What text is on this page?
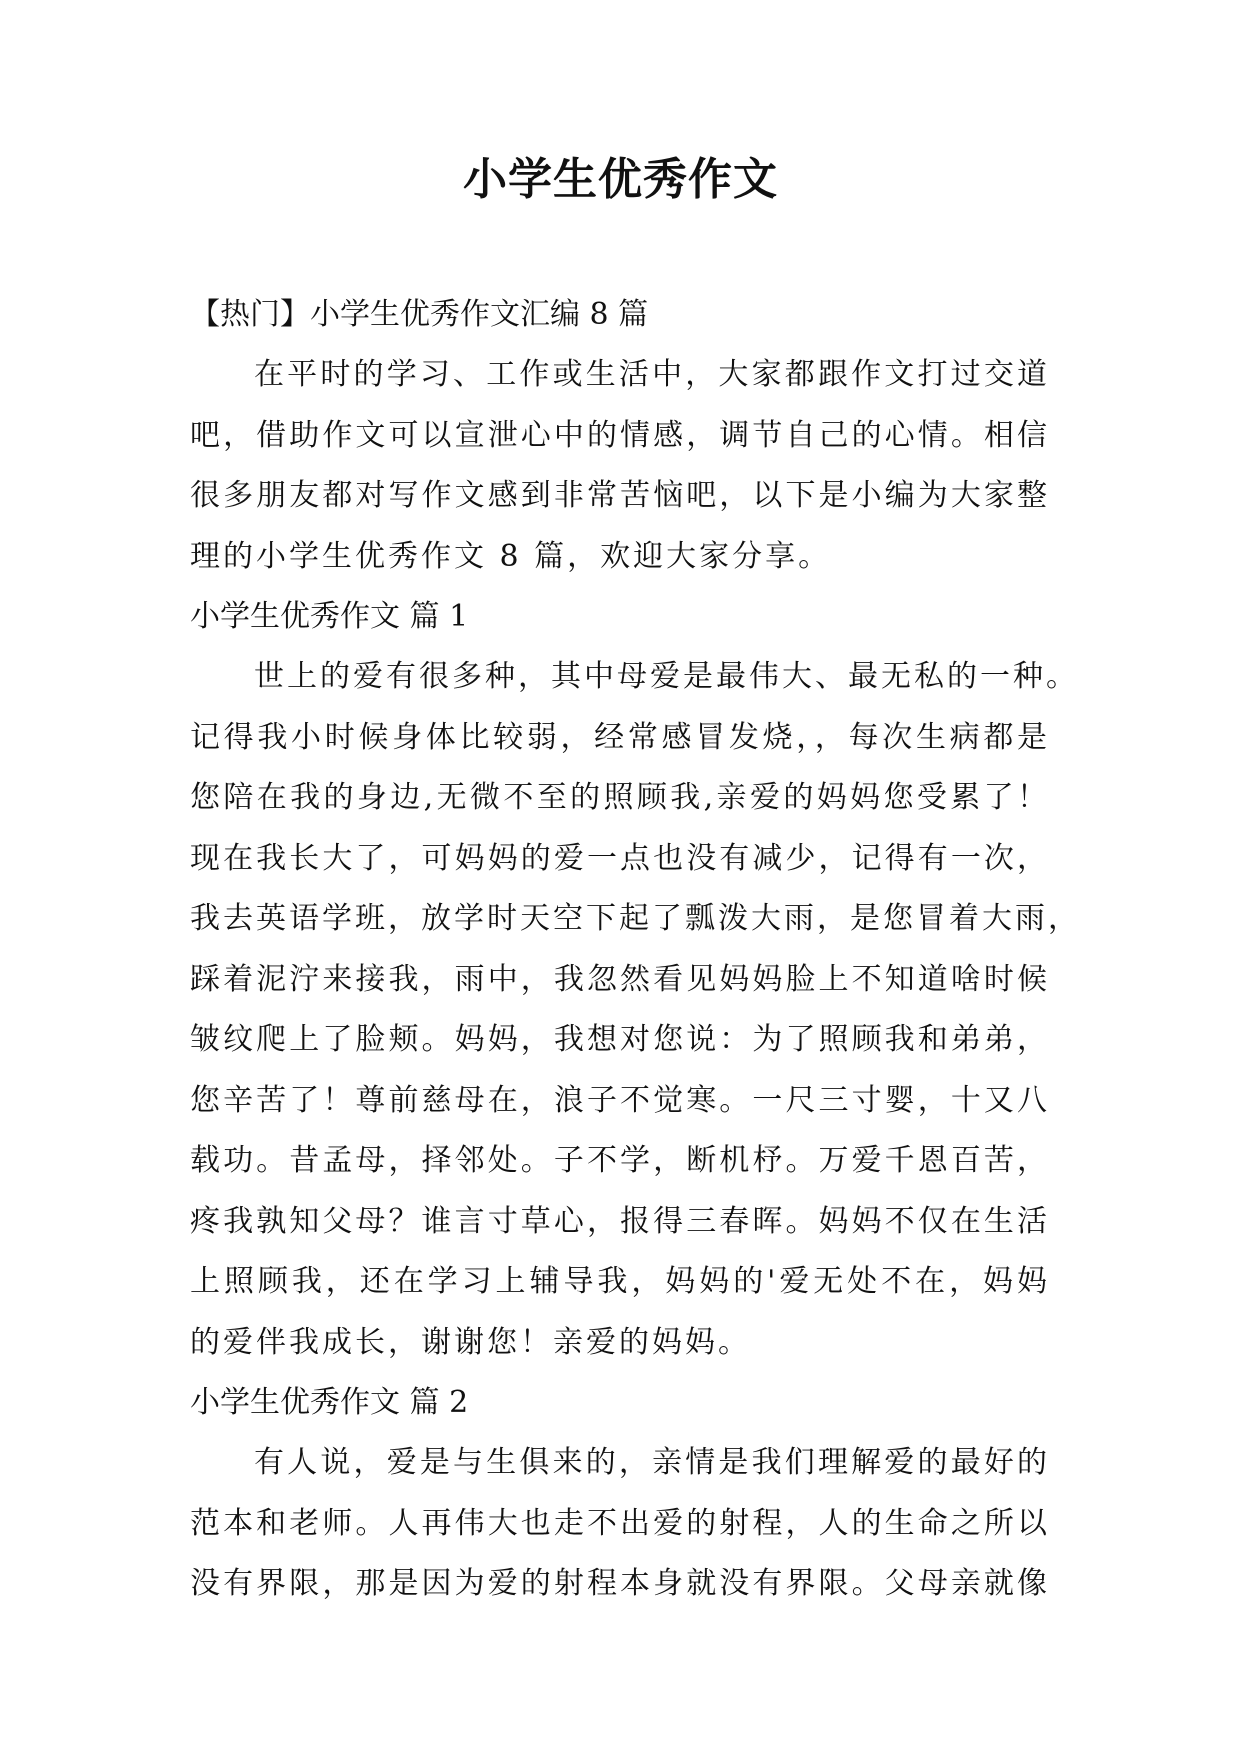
小学生优秀作文
【热门】小学生优秀作文汇编 8 篇
在平时的学习、工作或生活中，大家都跟作文打过交道
吧，借助作文可以宣泄心中的情感，调节自己的心情。相信
很多朋友都对写作文感到非常苦恼吧，以下是小编为大家整
理的小学生优秀作文 8 篇，欢迎大家分享。
小学生优秀作文 篇 1
世上的爱有很多种，其中母爱是最伟大、最无私的一种。
记得我小时候身体比较弱，经常感冒发烧，，每次生病都是
您陪在我的身边,无微不至的照顾我,亲爱的妈妈您受累了！
现在我长大了，可妈妈的爱一点也没有减少，记得有一次，
我去英语学班，放学时天空下起了瓢泼大雨，是您冒着大雨，
踩着泥泞来接我，雨中，我忽然看见妈妈脸上不知道啥时候
皱纹爬上了脸颊。妈妈，我想对您说：为了照顾我和弟弟，
您辛苦了！尊前慈母在，浪子不觉寒。一尺三寸婴，十又八
载功。昔孟母，择邻处。子不学，断机杼。万爱千恩百苦，
疼我孰知父母？谁言寸草心，报得三春晖。妈妈不仅在生活
上照顾我，还在学习上辅导我，妈妈的'爱无处不在，妈妈
的爱伴我成长，谢谢您！亲爱的妈妈。
小学生优秀作文 篇 2
有人说，爱是与生俱来的，亲情是我们理解爱的最好的
范本和老师。人再伟大也走不出爱的射程，人的生命之所以
没有界限，那是因为爱的射程本身就没有界限。父母亲就像
